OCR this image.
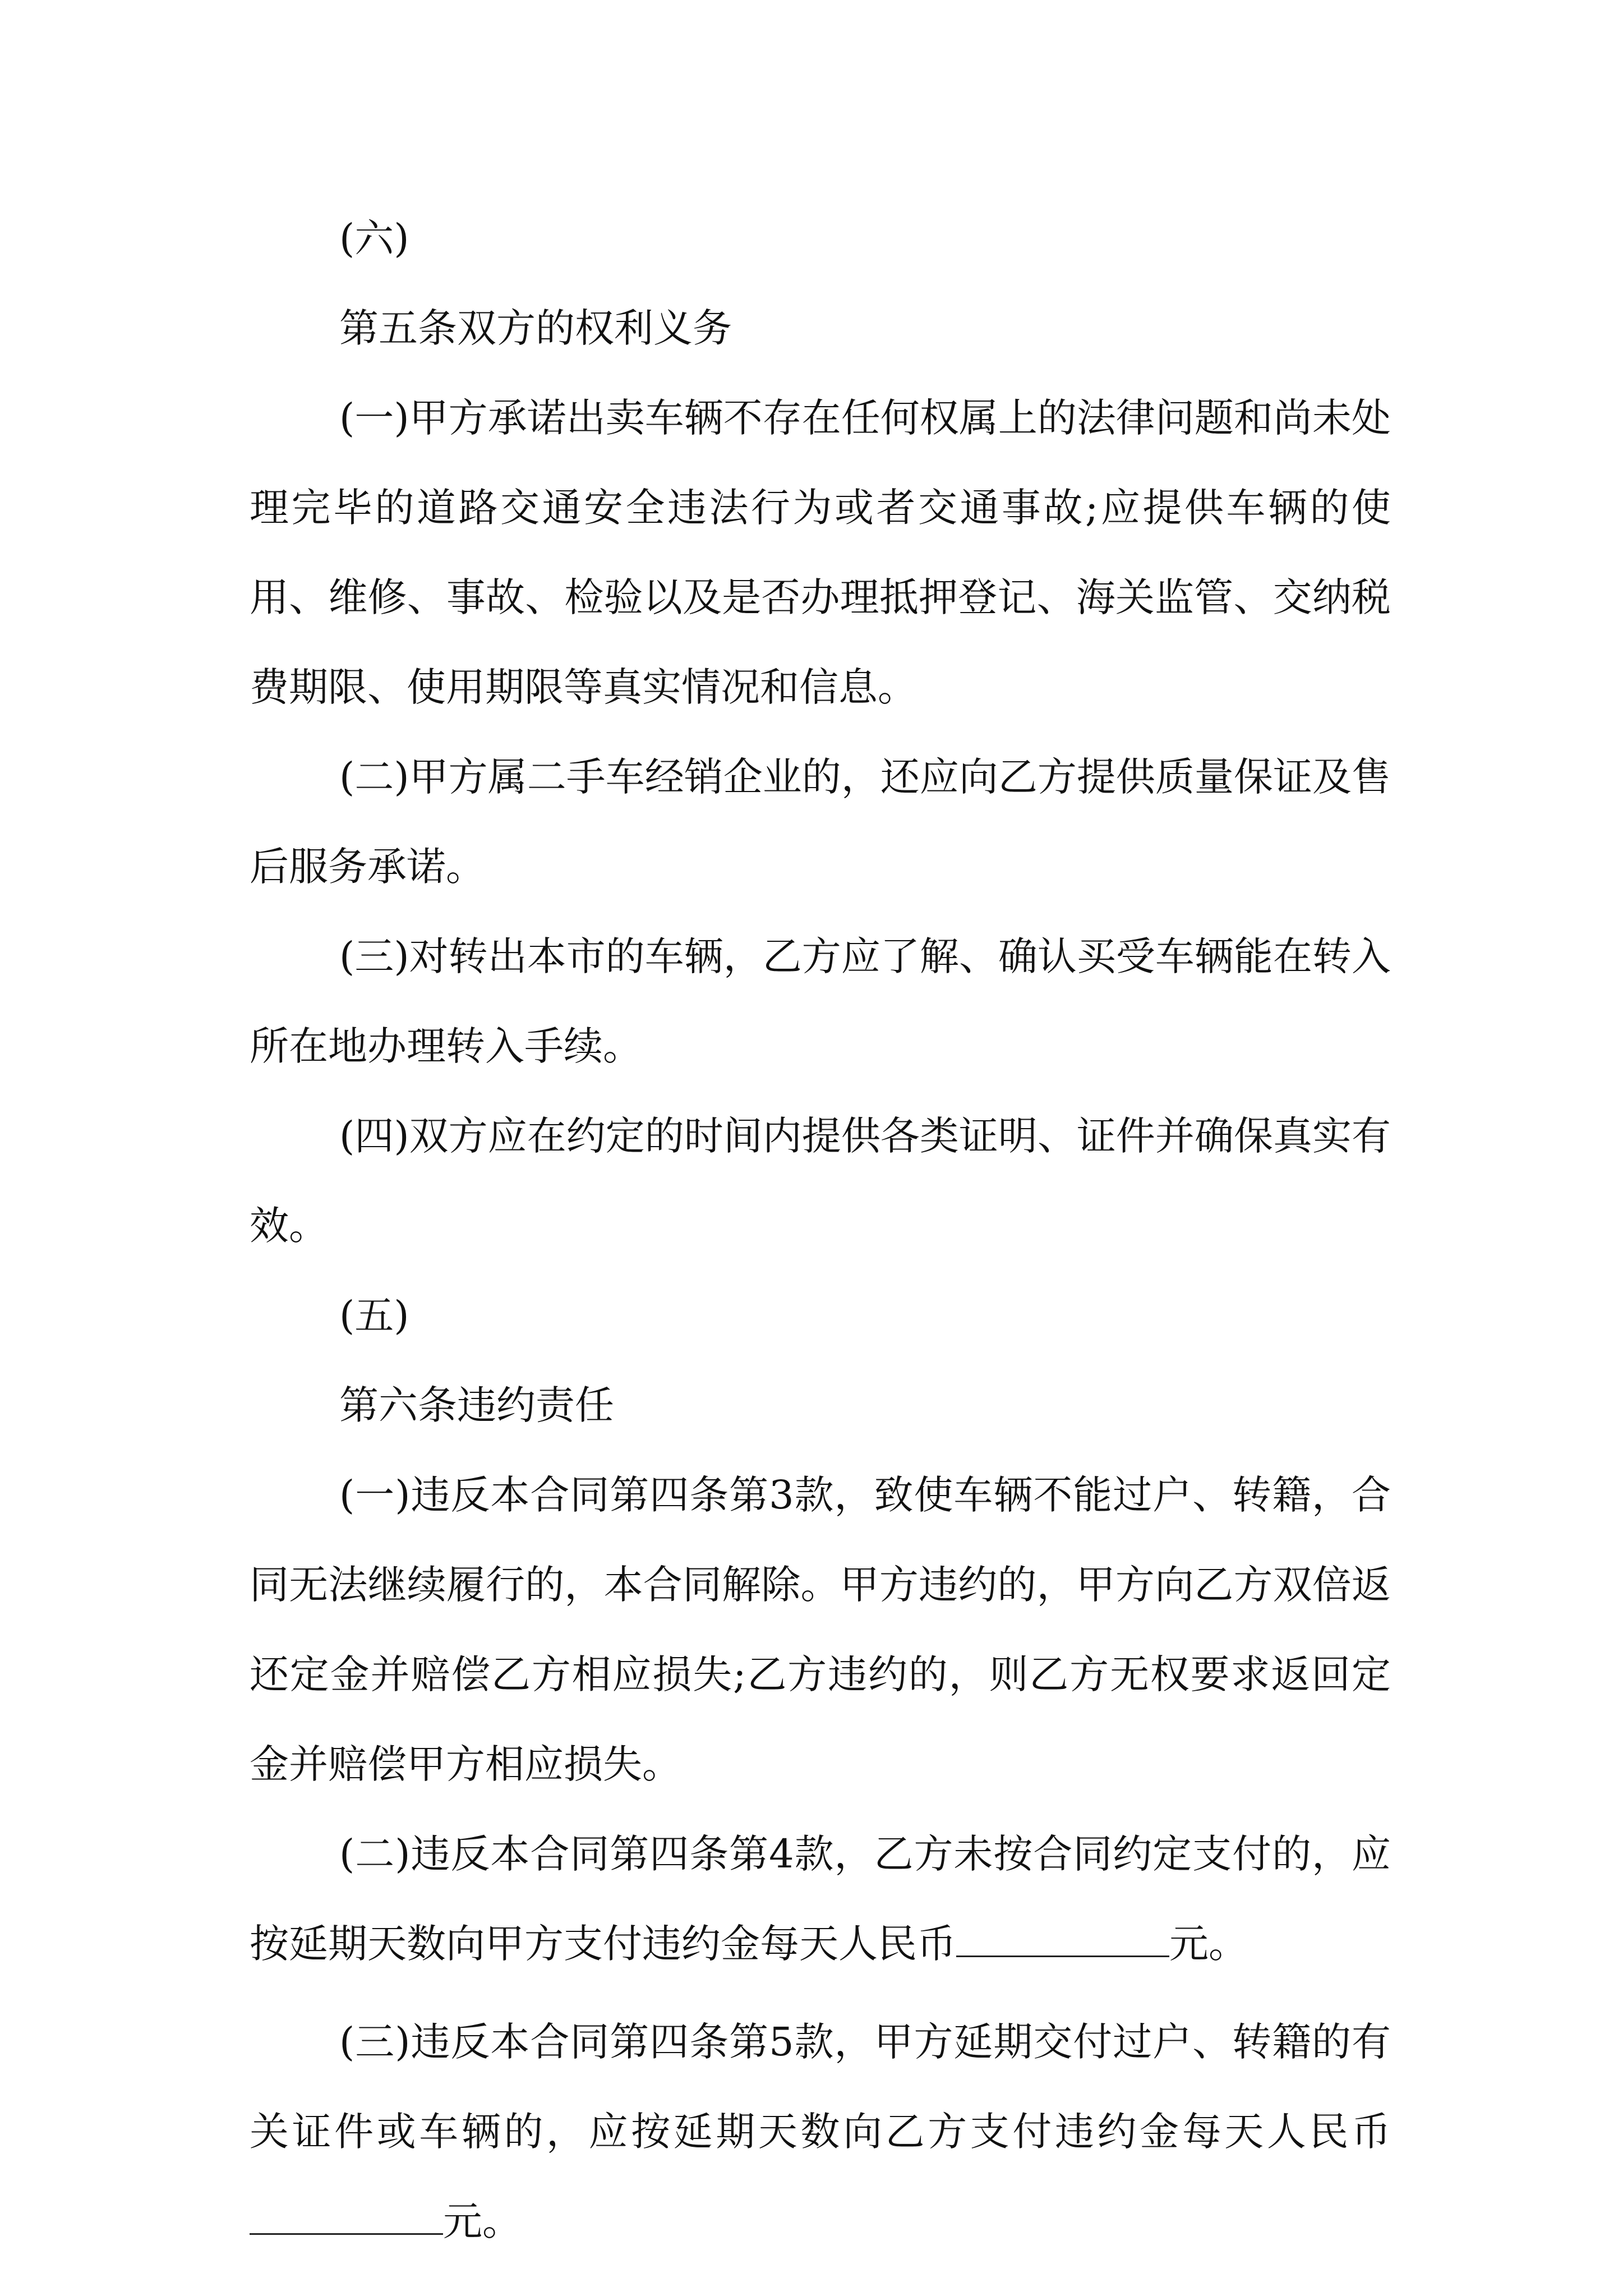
(六)

第五条双方的权利义务

(一)甲方承诺出卖车辆不存在任何权属上的法律问题和尚未处理完毕的道路交通安全违法行为或者交通事故;应提供车辆的使用、维修、事故、检验以及是否办理抵押登记、海关监管、交纳税费期限、使用期限等真实情况和信息。

(二)甲方属二手车经销企业的，还应向乙方提供质量保证及售后服务承诺。

(三)对转出本市的车辆，乙方应了解、确认买受车辆能在转入所在地办理转入手续。

(四)双方应在约定的时间内提供各类证明、证件并确保真实有效。

(五)

第六条违约责任

(一)违反本合同第四条第3款，致使车辆不能过户、转籍，合同无法继续履行的，本合同解除。甲方违约的，甲方向乙方双倍返还定金并赔偿乙方相应损失;乙方违约的，则乙方无权要求返回定金并赔偿甲方相应损失。

(二)违反本合同第四条第4款，乙方未按合同约定支付的，应按延期天数向甲方支付违约金每天人民币	元。

(三)违反本合同第四条第5款，甲方延期交付过户、转籍的有关证件或车辆的，应按延期天数向乙方支付违约金每天人民币元。
